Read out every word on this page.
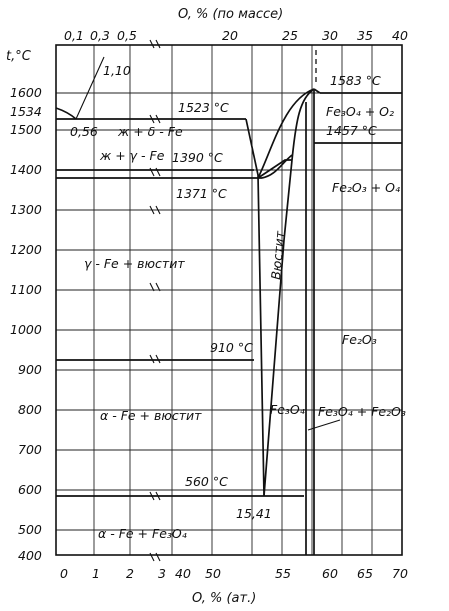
O, % (по массе)
O, % (ат.)
t,°C
1600
1534
1500
1400
1300
1200
1100
1000
900
800
700
600
500
400
0,1 0,3 0,5	20	25 30 35 40
0 1 2 3 40 50	55 60 65 70
1523 °C
1390 °C
1371 °C
910 °C
560 °C
1583 °C
1457 °C
0,56
1,10
15,41
ж + δ - Fe
ж + γ - Fe
γ - Fe + вюстит
α - Fe + вюстит
α - Fe + Fe₃O₄
Вюстит
Fe₃O₄
Fe₃O₄ + O₂
Fe₂O₃ + O₄
Fe₂O₃
Fe₃O₄ + Fe₂O₃
